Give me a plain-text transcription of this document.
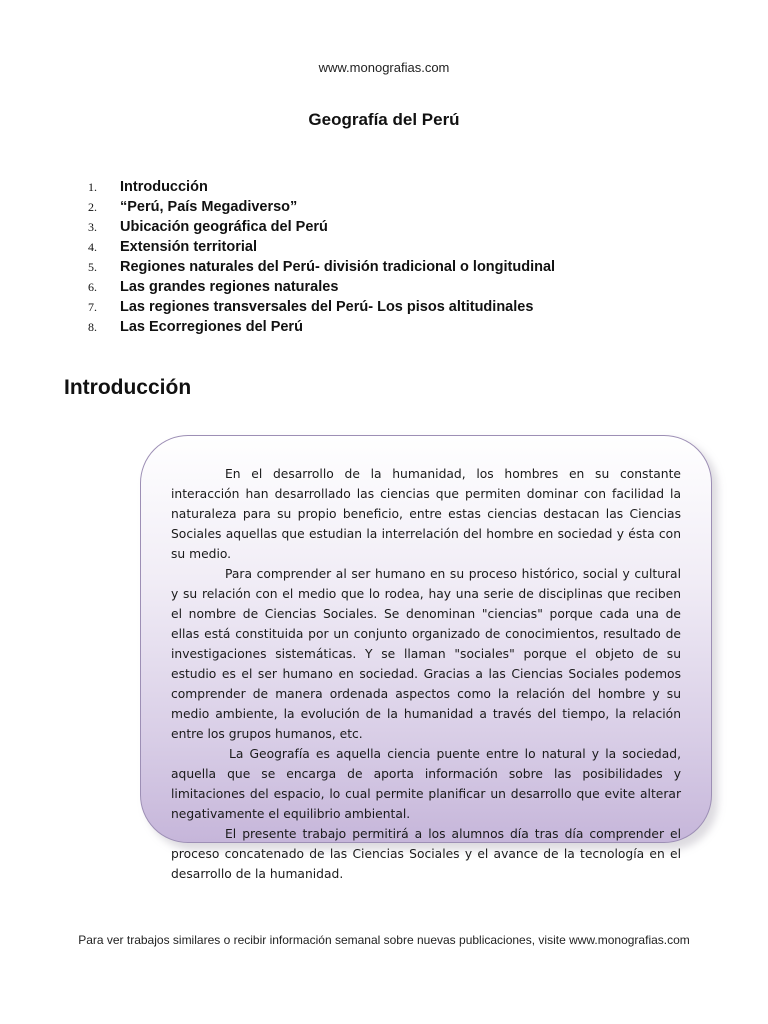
www.monografias.com
Geografía del Perú
1.	Introducción
2.	“Perú, País Megadiverso”
3.	Ubicación geográfica del Perú
4.	Extensión territorial
5.	Regiones naturales del Perú- división tradicional o longitudinal
6.	Las grandes regiones naturales
7.	Las regiones transversales del Perú- Los pisos altitudinales
8.	Las Ecorregiones del Perú
Introducción

En el desarrollo de la humanidad, los hombres en su constante interacción han desarrollado las ciencias que permiten dominar con facilidad la naturaleza para su propio beneficio, entre estas ciencias destacan las Ciencias Sociales aquellas que estudian la interrelación del hombre en sociedad y ésta con su medio.

Para comprender al ser humano en su proceso histórico, social y cultural y su relación con el medio que lo rodea, hay una serie de disciplinas que reciben el nombre de Ciencias Sociales. Se denominan "ciencias" porque cada una de ellas está constituida por un conjunto organizado de conocimientos, resultado de investigaciones sistemáticas. Y se llaman "sociales" porque el objeto de su estudio es el ser humano en sociedad. Gracias a las Ciencias Sociales podemos comprender de manera ordenada aspectos como la relación del hombre y su medio ambiente, la evolución de la humanidad a través del tiempo, la relación entre los grupos humanos, etc.

La Geografía es aquella ciencia puente entre lo natural y la sociedad, aquella que se encarga de aporta información sobre las posibilidades y limitaciones del espacio, lo cual permite planificar un desarrollo que evite alterar negativamente el equilibrio ambiental.

El presente trabajo permitirá a los alumnos día tras día comprender el proceso concatenado de las Ciencias Sociales y el avance de la tecnología en el desarrollo de la humanidad.

Para ver trabajos similares o recibir información semanal sobre nuevas publicaciones, visite www.monografias.com
